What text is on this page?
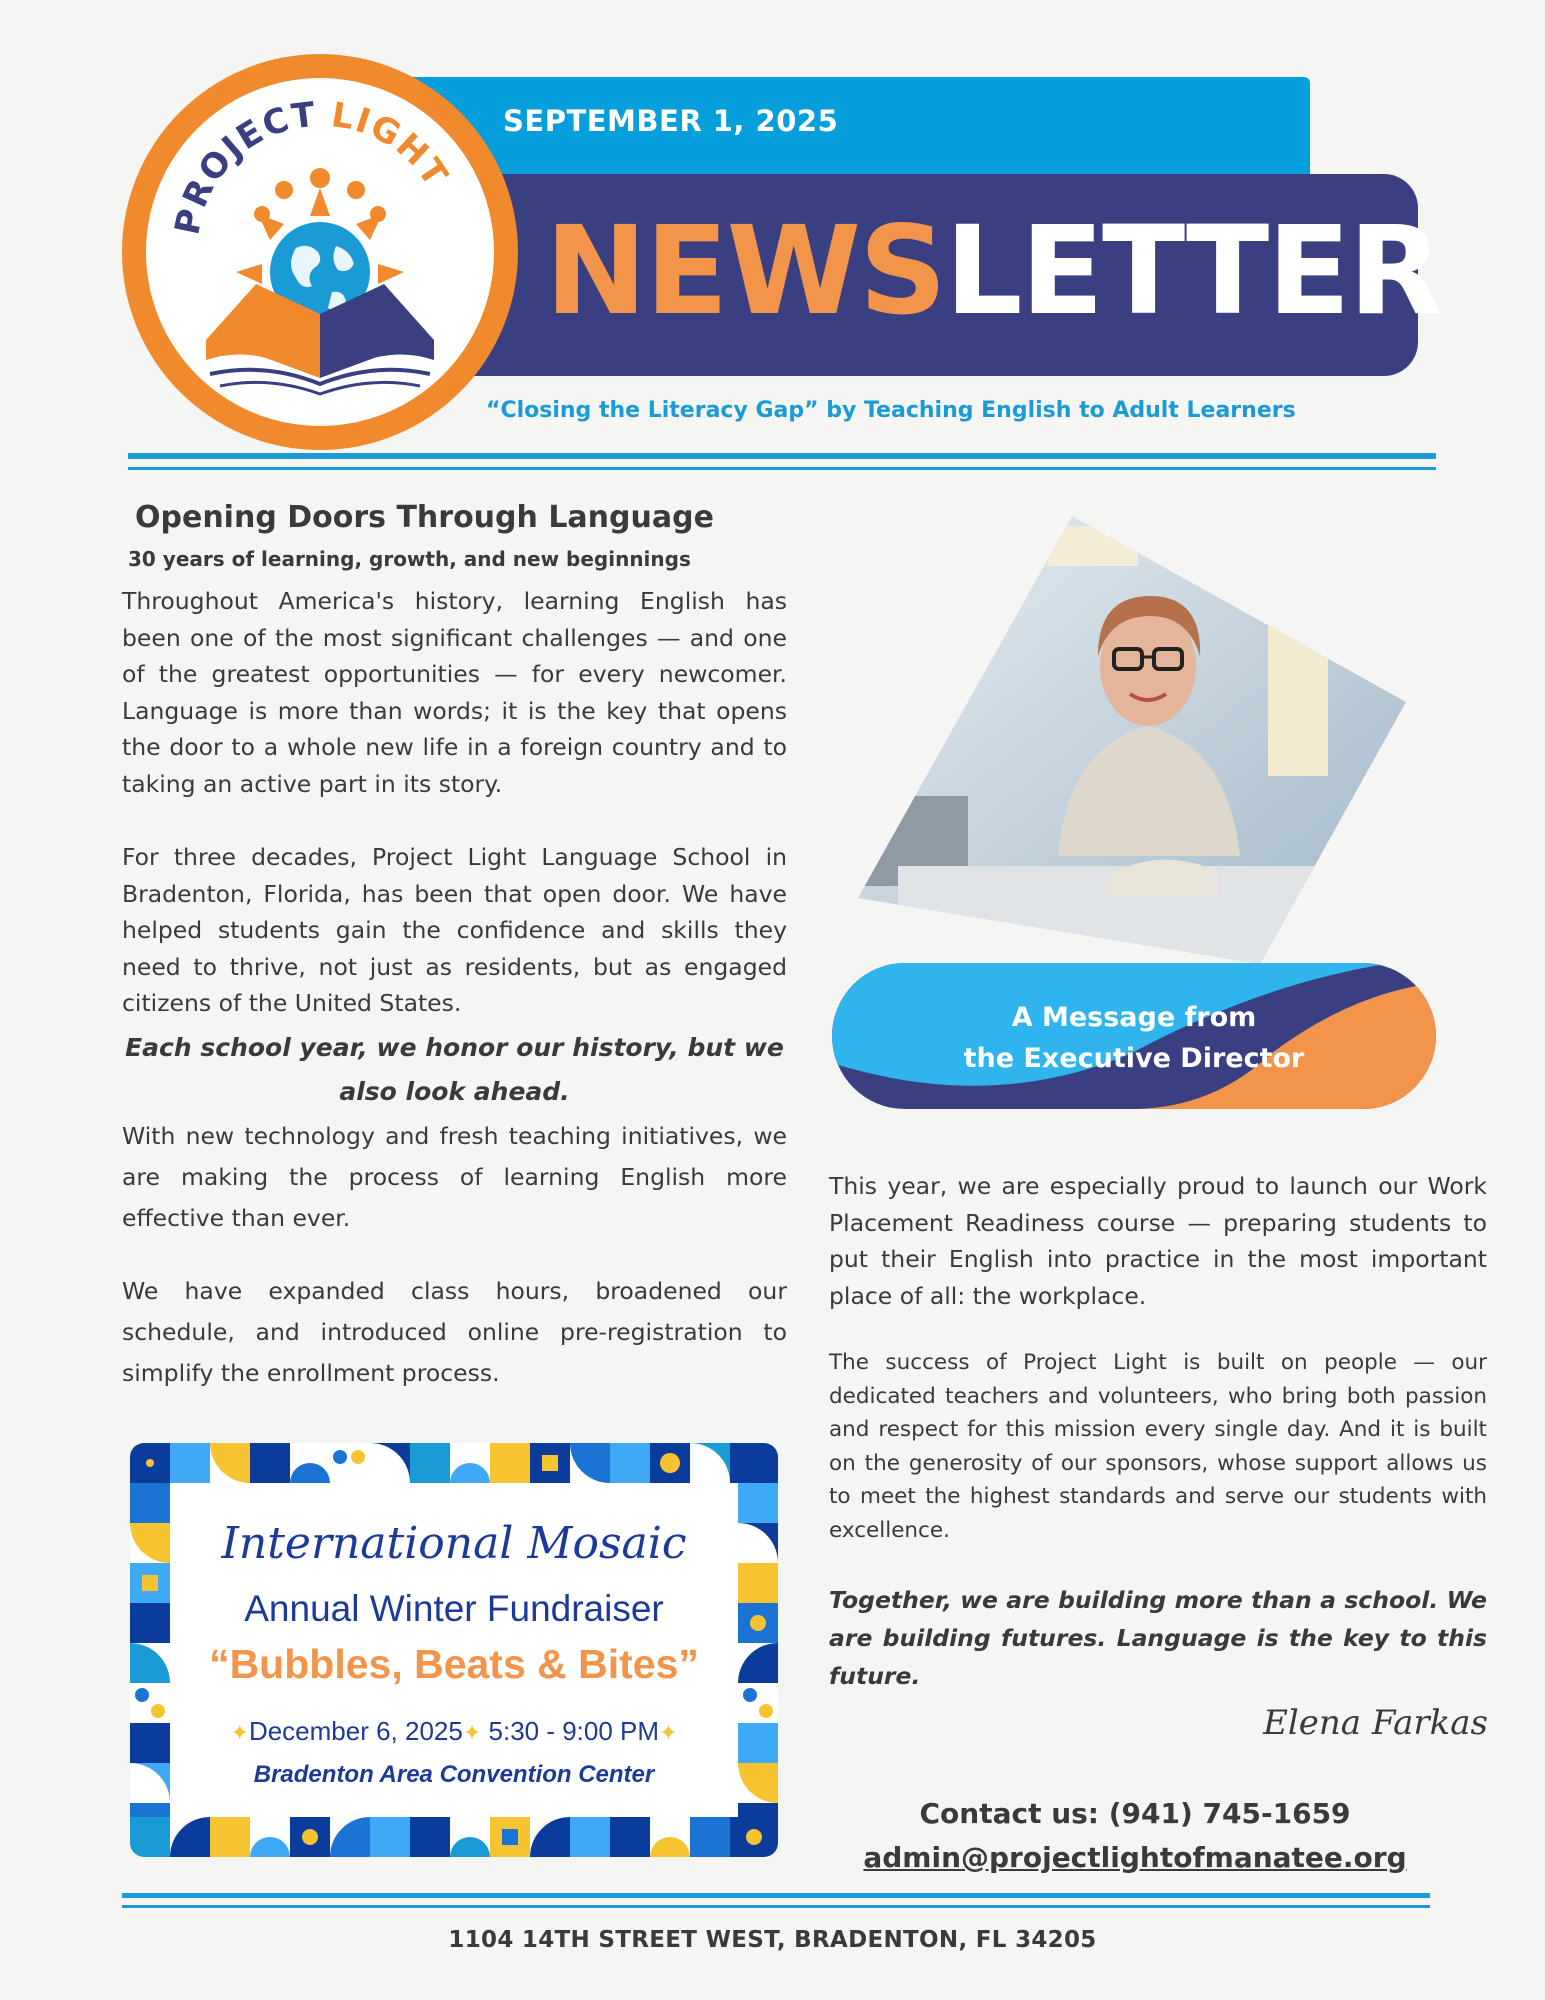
SEPTEMBER 1, 2025
NEWSLETTER
“Closing the Literacy Gap” by Teaching English to Adult Learners
PROJECT LIGHT
Opening Doors Through Language
30 years of learning, growth, and new beginnings

Throughout America's history, learning English has been one of the most significant challenges — and one of the greatest opportunities — for every newcomer. Language is more than words; it is the key that opens the door to a whole new life in a foreign country and to taking an active part in its story.

For three decades, Project Light Language School in Bradenton, Florida, has been that open door. We have helped students gain the confidence and skills they need to thrive, not just as residents, but as engaged citizens of the United States.

Each school year, we honor our history, but we also look ahead.

With new technology and fresh teaching initiatives, we are making the process of learning English more effective than ever.

We have expanded class hours, broadened our schedule, and introduced online pre-registration to simplify the enrollment process.

International Mosaic
Annual Winter Fundraiser
“Bubbles, Beats & Bites”
✦December 6, 2025✦ 5:30 - 9:00 PM✦
Bradenton Area Convention Center
A Message from
the Executive Director

This year, we are especially proud to launch our Work Placement Readiness course — preparing students to put their English into practice in the most important place of all: the workplace.

The success of Project Light is built on people — our dedicated teachers and volunteers, who bring both passion and respect for this mission every single day. And it is built on the generosity of our sponsors, whose support allows us to meet the highest standards and serve our students with excellence.

Together, we are building more than a school. We are building futures. Language is the key to this future.

Elena Farkas
Contact us: (941) 745-1659
admin@projectlightofmanatee.org
1104 14TH STREET WEST, BRADENTON, FL 34205
